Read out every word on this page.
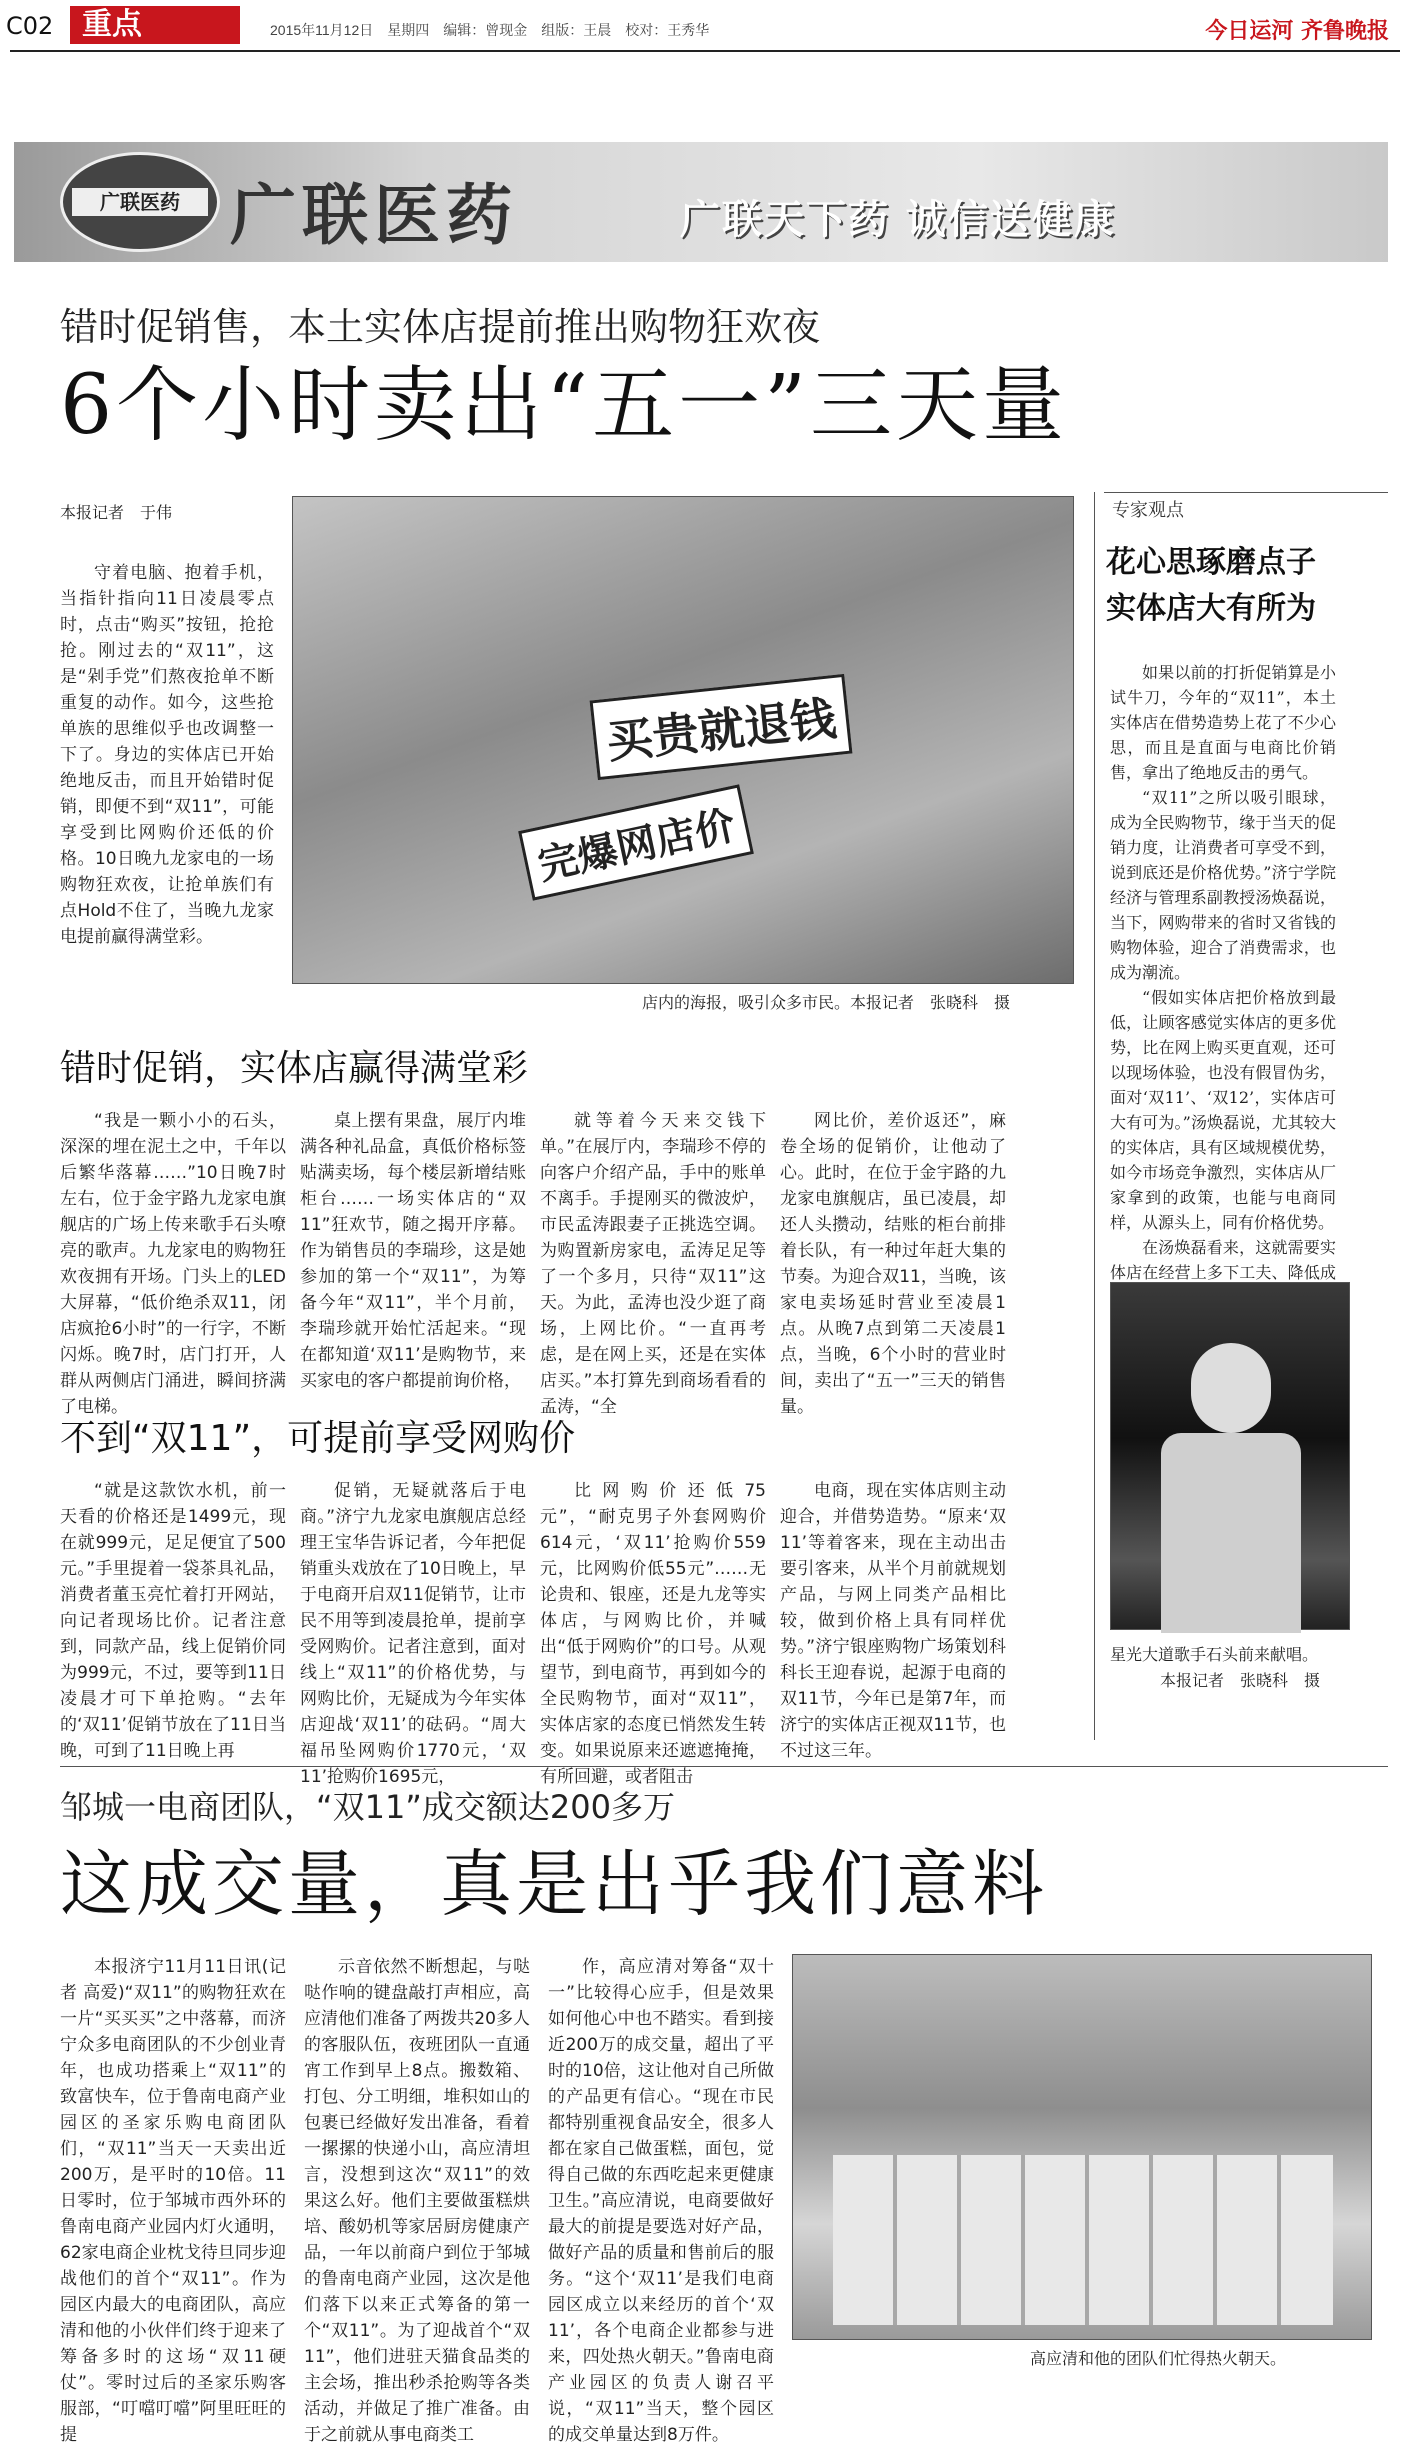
C02 重点	2015年11月12日　星期四　编辑：曾现金　组版：王晨　校对：王秀华	今日运河 齐鲁晚报
广联医药 广联医药	广联天下药 诚信送健康
错时促销售，本土实体店提前推出购物狂欢夜
6个小时卖出“五一”三天量
本报记者　于伟

守着电脑、抱着手机，当指针指向11日凌晨零点时，点击“购买”按钮，抢抢抢。刚过去的“双11”，这是“剁手党”们熬夜抢单不断重复的动作。如今，这些抢单族的思维似乎也改调整一下了。身边的实体店已开始绝地反击，而且开始错时促销，即便不到“双11”，可能享受到比网购价还低的价格。10日晚九龙家电的一场购物狂欢夜，让抢单族们有点Hold不住了，当晚九龙家电提前赢得满堂彩。

买贵就退钱
完爆网店价
店内的海报，吸引众多市民。本报记者　张晓科　摄
错时促销，实体店赢得满堂彩

“我是一颗小小的石头，深深的埋在泥土之中，千年以后繁华落幕……”10日晚7时左右，位于金宇路九龙家电旗舰店的广场上传来歌手石头嘹亮的歌声。九龙家电的购物狂欢夜拥有开场。门头上的LED大屏幕，“低价绝杀双11，闭店疯抢6小时”的一行字，不断闪烁。晚7时，店门打开，人群从两侧店门涌进，瞬间挤满了电梯。

桌上摆有果盘，展厅内堆满各种礼品盒，真低价格标签贴满卖场，每个楼层新增结账柜台……一场实体店的“双11”狂欢节，随之揭开序幕。作为销售员的李瑞珍，这是她参加的第一个“双11”，为筹备今年“双11”，半个月前，李瑞珍就开始忙活起来。“现在都知道‘双11’是购物节，来买家电的客户都提前询价格，

就等着今天来交钱下单。”在展厅内，李瑞珍不停的向客户介绍产品，手中的账单不离手。手提刚买的微波炉，市民孟涛跟妻子正挑选空调。为购置新房家电，孟涛足足等了一个多月，只待“双11”这天。为此，孟涛也没少逛了商场，上网比价。“一直再考虑，是在网上买，还是在实体店买。”本打算先到商场看看的孟涛，“全

网比价，差价返还”，麻卷全场的促销价，让他动了心。此时，在位于金宇路的九龙家电旗舰店，虽已凌晨，却还人头攒动，结账的柜台前排着长队，有一种过年赶大集的节奏。为迎合双11，当晚，该家电卖场延时营业至凌晨1点。从晚7点到第二天凌晨1点，当晚，6个小时的营业时间，卖出了“五一”三天的销售量。

不到“双11”，可提前享受网购价

“就是这款饮水机，前一天看的价格还是1499元，现在就999元，足足便宜了500元。”手里提着一袋茶具礼品，消费者董玉亮忙着打开网站，向记者现场比价。记者注意到，同款产品，线上促销价同为999元，不过，要等到11日凌晨才可下单抢购。“去年的‘双11’促销节放在了11日当晚，可到了11日晚上再

促销，无疑就落后于电商。”济宁九龙家电旗舰店总经理王宝华告诉记者，今年把促销重头戏放在了10日晚上，早于电商开启双11促销节，让市民不用等到凌晨抢单，提前享受网购价。记者注意到，面对线上“双11”的价格优势，与网购比价，无疑成为今年实体店迎战‘双11’的砝码。“周大福吊坠网购价1770元，‘双11’抢购价1695元，

比网购价还低75元”，“耐克男子外套网购价614元，‘双11’抢购价559元，比网购价低55元”……无论贵和、银座，还是九龙等实体店，与网购比价，并喊出“低于网购价”的口号。从观望节，到电商节，再到如今的全民购物节，面对“双11”，实体店家的态度已悄然发生转变。如果说原来还遮遮掩掩，有所回避，或者阻击

电商，现在实体店则主动迎合，并借势造势。“原来‘双11’等着客来，现在主动出击要引客来，从半个月前就规划产品，与网上同类产品相比较，做到价格上具有同样优势。”济宁银座购物广场策划科科长王迎春说，起源于电商的双11节，今年已是第7年，而济宁的实体店正视双11节，也不过这三年。

专家观点
花心思琢磨点子　实体店大有所为

如果以前的打折促销算是小试牛刀，今年的“双11”，本土实体店在借势造势上花了不少心思，而且是直面与电商比价销售，拿出了绝地反击的勇气。

“双11”之所以吸引眼球，成为全民购物节，缘于当天的促销力度，让消费者可享受不到，说到底还是价格优势。”济宁学院经济与管理系副教授汤焕磊说，当下，网购带来的省时又省钱的购物体验，迎合了消费需求，也成为潮流。

“假如实体店把价格放到最低，让顾客感觉实体店的更多优势，比在网上购买更直观，还可以现场体验，也没有假冒伪劣，面对‘双11’、‘双12’，实体店可大有可为。”汤焕磊说，尤其较大的实体店，具有区域规模优势，如今市场竞争激烈，实体店从厂家拿到的政策，也能与电商同样，从源头上，同有价格优势。

在汤焕磊看来，这就需要实体店在经营上多下工夫、降低成

星光大道歌手石头前来献唱。
本报记者　张晓科　摄
邹城一电商团队，“双11”成交额达200多万
这成交量，真是出乎我们意料

本报济宁11月11日讯(记者 高爱)“双11”的购物狂欢在一片“买买买”之中落幕，而济宁众多电商团队的不少创业青年，也成功搭乘上“双11”的致富快车，位于鲁南电商产业园区的圣家乐购电商团队们，“双11”当天一天卖出近200万，是平时的10倍。11日零时，位于邹城市西外环的鲁南电商产业园内灯火通明，62家电商企业枕戈待旦同步迎战他们的首个“双11”。作为园区内最大的电商团队，高应清和他的小伙伴们终于迎来了筹备多时的这场“双11硬仗”。零时过后的圣家乐购客服部，“叮噹叮噹”阿里旺旺的提

示音依然不断想起，与哒哒作响的键盘敲打声相应，高应清他们准备了两拨共20多人的客服队伍，夜班团队一直通宵工作到早上8点。搬数箱、打包、分工明细，堆积如山的包裹已经做好发出准备，看着一摞摞的快递小山，高应清坦言，没想到这次“双11”的效果这么好。他们主要做蛋糕烘培、酸奶机等家居厨房健康产品，一年以前商户到位于邹城的鲁南电商产业园，这次是他们落下以来正式筹备的第一个“双11”。为了迎战首个“双11”，他们进驻天猫食品类的主会场，推出秒杀抢购等各类活动，并做足了推广准备。由于之前就从事电商类工

作，高应清对筹备“双十一”比较得心应手，但是效果如何他心中也不踏实。看到接近200万的成交量，超出了平时的10倍，这让他对自己所做的产品更有信心。“现在市民都特别重视食品安全，很多人都在家自己做蛋糕，面包，觉得自己做的东西吃起来更健康卫生。”高应清说，电商要做好最大的前提是要选对好产品，做好产品的质量和售前后的服务。“这个‘双11’是我们电商园区成立以来经历的首个‘双11’，各个电商企业都参与进来，四处热火朝天。”鲁南电商产业园区的负责人谢召平说，“双11”当天，整个园区的成交单量达到8万件。

高应清和他的团队们忙得热火朝天。
